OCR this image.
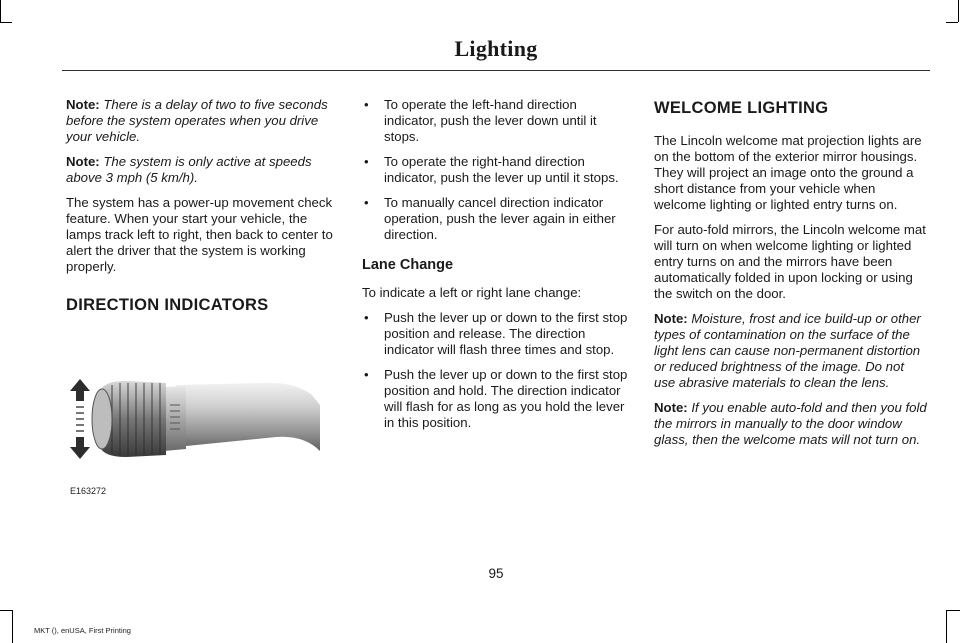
Lighting

Note: There is a delay of two to five seconds before the system operates when you drive your vehicle.

Note: The system is only active at speeds above 3 mph (5 km/h).

The system has a power-up movement check feature. When your start your vehicle, the lamps track left to right, then back to center to alert the driver that the system is working properly.

DIRECTION INDICATORS
E163272
• To operate the left-hand direction indicator, push the lever down until it stops.
• To operate the right-hand direction indicator, push the lever up until it stops.
• To manually cancel direction indicator operation, push the lever again in either direction.
Lane Change

To indicate a left or right lane change:

• Push the lever up or down to the first stop position and release. The direction indicator will flash three times and stop.
• Push the lever up or down to the first stop position and hold. The direction indicator will flash for as long as you hold the lever in this position.
WELCOME LIGHTING

The Lincoln welcome mat projection lights are on the bottom of the exterior mirror housings. They will project an image onto the ground a short distance from your vehicle when welcome lighting or lighted entry turns on.

For auto-fold mirrors, the Lincoln welcome mat will turn on when welcome lighting or lighted entry turns on and the mirrors have been automatically folded in upon locking or using the switch on the door.

Note: Moisture, frost and ice build-up or other types of contamination on the surface of the light lens can cause non-permanent distortion or reduced brightness of the image. Do not use abrasive materials to clean the lens.

Note: If you enable auto-fold and then you fold the mirrors in manually to the door window glass, then the welcome mats will not turn on.

95
MKT (), enUSA, First Printing
